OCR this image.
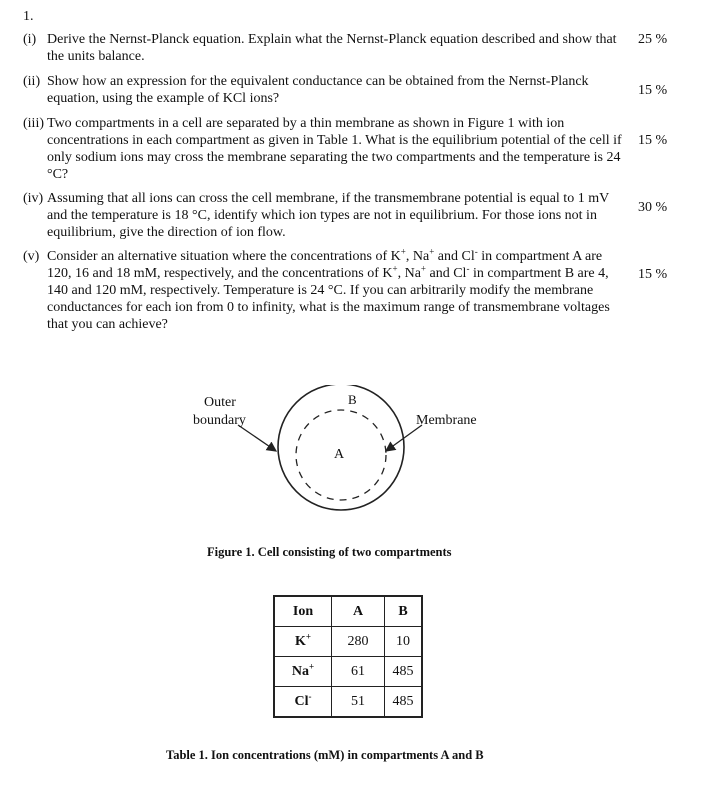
1.
(i) Derive the Nernst-Planck equation. Explain what the Nernst-Planck equation described and show that the units balance.
25 %
(ii) Show how an expression for the equivalent conductance can be obtained from the Nernst-Planck equation, using the example of KCl ions?
15 %
(iii) Two compartments in a cell are separated by a thin membrane as shown in Figure 1 with ion concentrations in each compartment as given in Table 1. What is the equilibrium potential of the cell if only sodium ions may cross the membrane separating the two compartments and the temperature is 24 °C?
15 %
(iv) Assuming that all ions can cross the cell membrane, if the transmembrane potential is equal to 1 mV and the temperature is 18 °C, identify which ion types are not in equilibrium. For those ions not in equilibrium, give the direction of ion flow.
30 %
(v) Consider an alternative situation where the concentrations of K+, Na+ and Cl- in compartment A are 120, 16 and 18 mM, respectively, and the concentrations of K+, Na+ and Cl- in compartment B are 4, 140 and 120 mM, respectively. Temperature is 24 °C. If you can arbitrarily modify the membrane conductances for each ion from 0 to infinity, what is the maximum range of transmembrane voltages that you can achieve?
15 %
Outer
boundary	Membrane
B
A
Figure 1. Cell consisting of two compartments
Ion	A	B
K+	280	10
Na+	61	485
Cl-	51	485
Table 1. Ion concentrations (mM) in compartments A and B
